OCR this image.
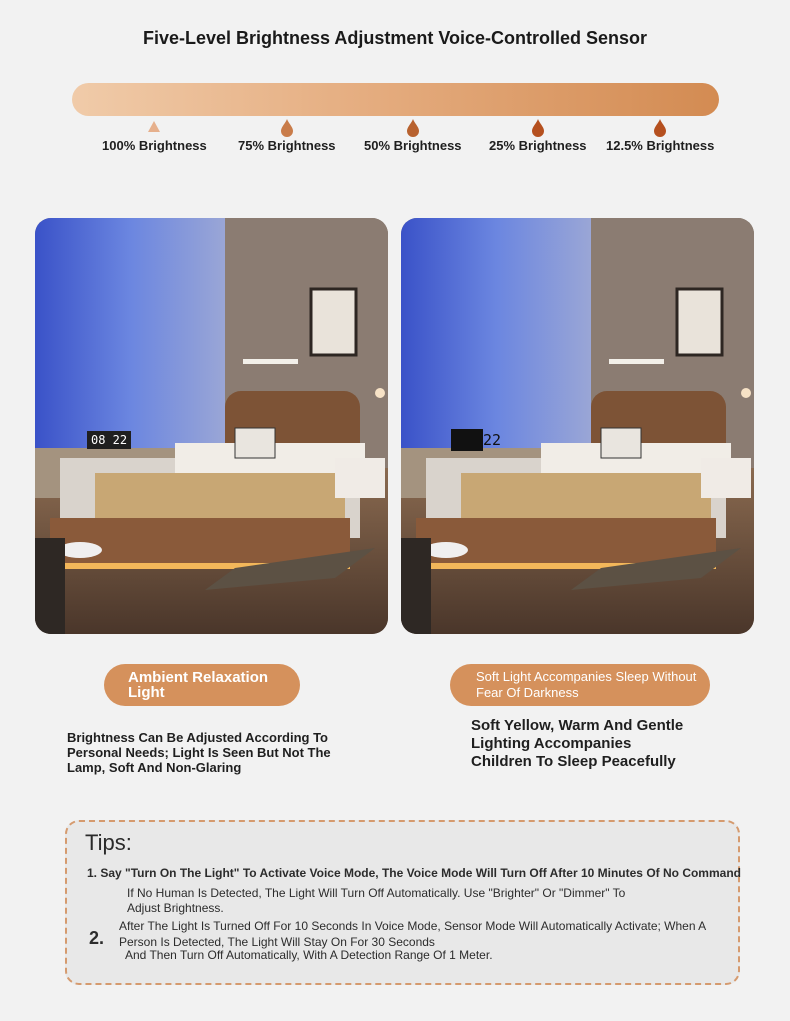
Five-Level Brightness Adjustment Voice-Controlled Sensor
100% Brightness 75% Brightness 50% Brightness 25% Brightness 12.5% Brightness
08 22	22
Ambient Relaxation Light
Soft Light Accompanies Sleep Without Fear Of Darkness
Brightness Can Be Adjusted According To Personal Needs; Light Is Seen But Not The Lamp, Soft And Non-Glaring
Soft Yellow, Warm And Gentle Lighting Accompanies Children To Sleep Peacefully
Tips:
1. Say "Turn On The Light" To Activate Voice Mode, The Voice Mode Will Turn Off After 10 Minutes Of No Command
If No Human Is Detected, The Light Will Turn Off Automatically. Use "Brighter" Or "Dimmer" To Adjust Brightness.
2.
After The Light Is Turned Off For 10 Seconds In Voice Mode, Sensor Mode Will Automatically Activate; When A Person Is Detected, The Light Will Stay On For 30 Seconds
And Then Turn Off Automatically, With A Detection Range Of 1 Meter.
